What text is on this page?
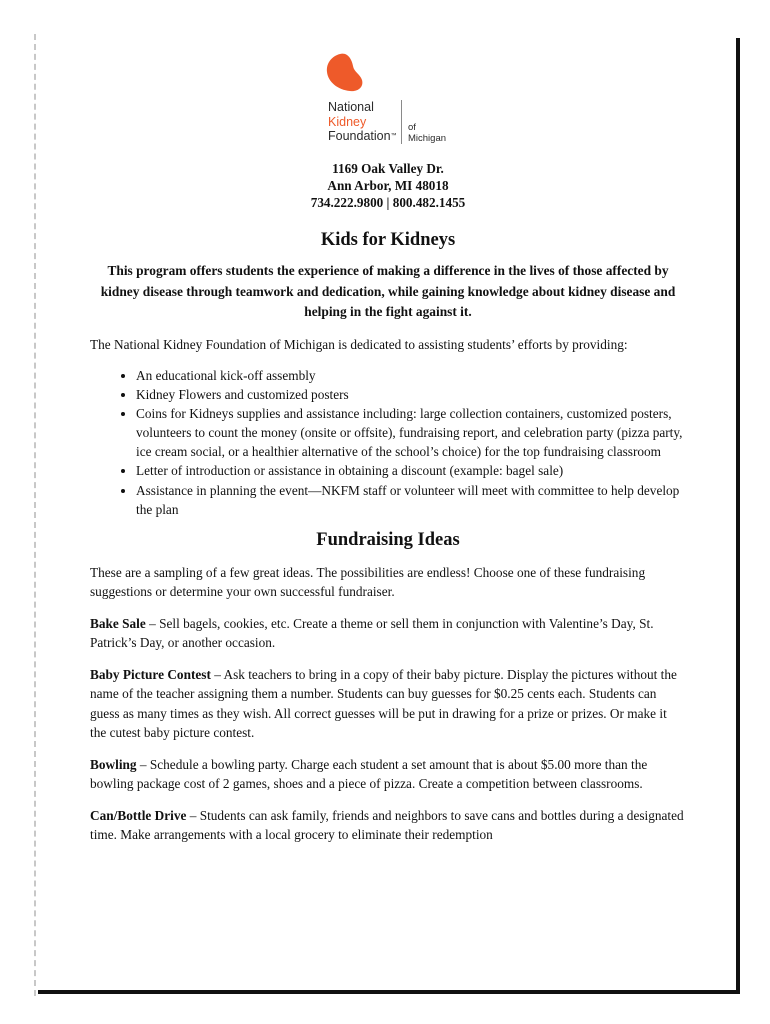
National
Kidney
Foundation™
of
Michigan
1169 Oak Valley Dr.
Ann Arbor, MI 48018
734.222.9800 | 800.482.1455
Kids for Kidneys
This program offers students the experience of making a difference in the lives of those affected by kidney disease through teamwork and dedication, while gaining knowledge about kidney disease and helping in the fight against it.

The National Kidney Foundation of Michigan is dedicated to assisting students’ efforts by providing:

• An educational kick-off assembly
• Kidney Flowers and customized posters
• Coins for Kidneys supplies and assistance including: large collection containers, customized posters, volunteers to count the money (onsite or offsite), fundraising report, and celebration party (pizza party, ice cream social, or a healthier alternative of the school’s choice) for the top fundraising classroom
• Letter of introduction or assistance in obtaining a discount (example: bagel sale)
• Assistance in planning the event—NKFM staff or volunteer will meet with committee to help develop the plan
Fundraising Ideas

These are a sampling of a few great ideas. The possibilities are endless! Choose one of these fundraising suggestions or determine your own successful fundraiser.

Bake Sale – Sell bagels, cookies, etc. Create a theme or sell them in conjunction with Valentine’s Day, St. Patrick’s Day, or another occasion.

Baby Picture Contest – Ask teachers to bring in a copy of their baby picture. Display the pictures without the name of the teacher assigning them a number. Students can buy guesses for $0.25 cents each. Students can guess as many times as they wish. All correct guesses will be put in drawing for a prize or prizes. Or make it the cutest baby picture contest.

Bowling – Schedule a bowling party. Charge each student a set amount that is about $5.00 more than the bowling package cost of 2 games, shoes and a piece of pizza. Create a competition between classrooms.

Can/Bottle Drive – Students can ask family, friends and neighbors to save cans and bottles during a designated time. Make arrangements with a local grocery to eliminate their redemption
